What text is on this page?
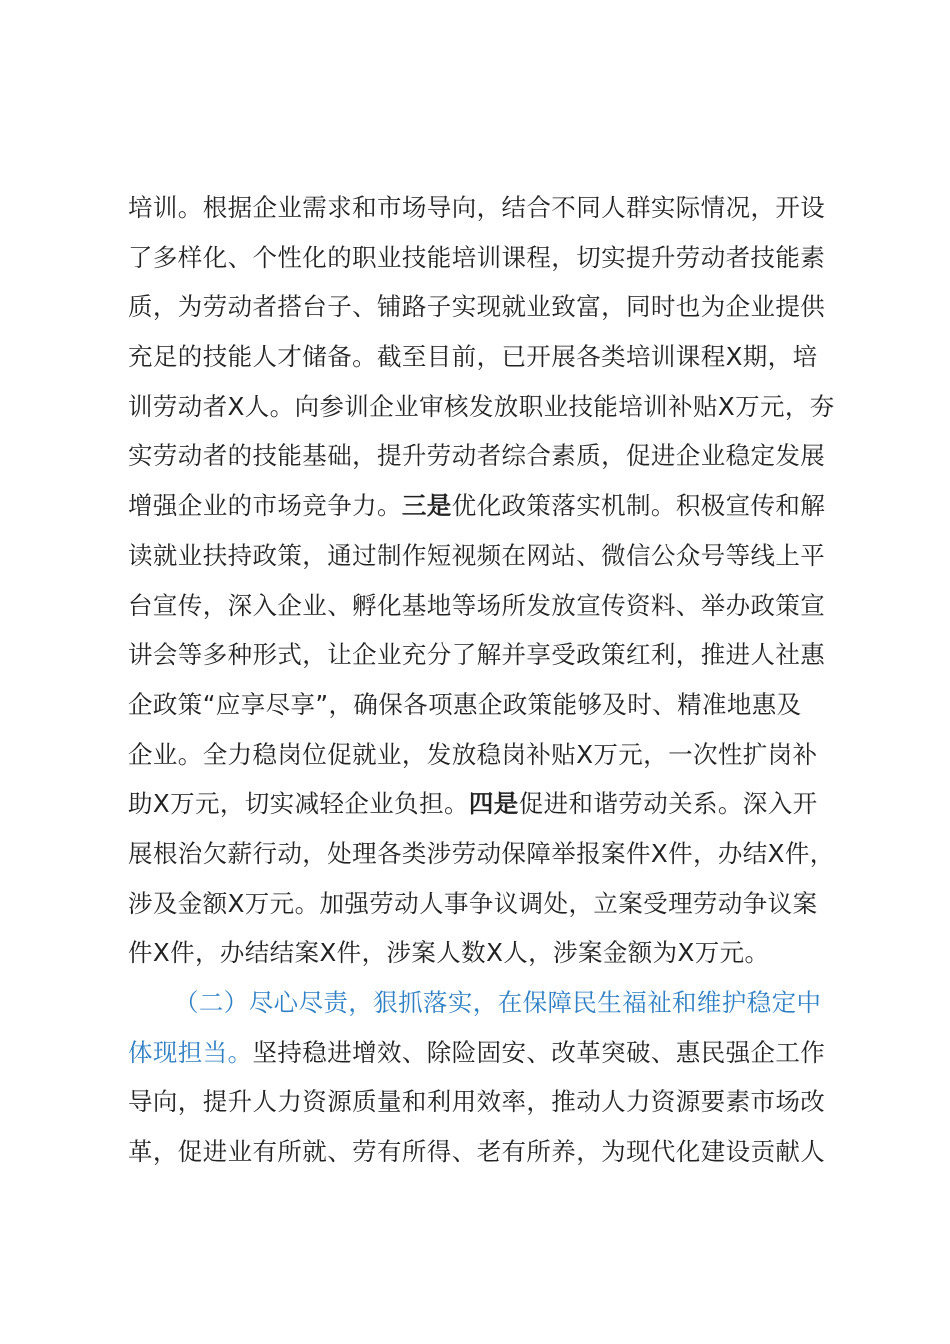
培训。根据企业需求和市场导向，结合不同人群实际情况，开设
了多样化、个性化的职业技能培训课程，切实提升劳动者技能素
质，为劳动者搭台子、铺路子实现就业致富，同时也为企业提供
充足的技能人才储备。截至目前，已开展各类培训课程X期，培
训劳动者X人。向参训企业审核发放职业技能培训补贴X万元，夯
实劳动者的技能基础，提升劳动者综合素质，促进企业稳定发展
增强企业的市场竞争力。三是优化政策落实机制。积极宣传和解
读就业扶持政策，通过制作短视频在网站、微信公众号等线上平
台宣传，深入企业、孵化基地等场所发放宣传资料、举办政策宣
讲会等多种形式，让企业充分了解并享受政策红利，推进人社惠
企政策“应享尽享”，确保各项惠企政策能够及时、精准地惠及
企业。全力稳岗位促就业，发放稳岗补贴X万元，一次性扩岗补
助X万元，切实减轻企业负担。四是促进和谐劳动关系。深入开
展根治欠薪行动，处理各类涉劳动保障举报案件X件，办结X件，
涉及金额X万元。加强劳动人事争议调处，立案受理劳动争议案
件X件，办结结案X件，涉案人数X人，涉案金额为X万元。
（二）尽心尽责，狠抓落实，在保障民生福祉和维护稳定中
体现担当。坚持稳进增效、除险固安、改革突破、惠民强企工作
导向，提升人力资源质量和利用效率，推动人力资源要素市场改
革，促进业有所就、劳有所得、老有所养，为现代化建设贡献人
